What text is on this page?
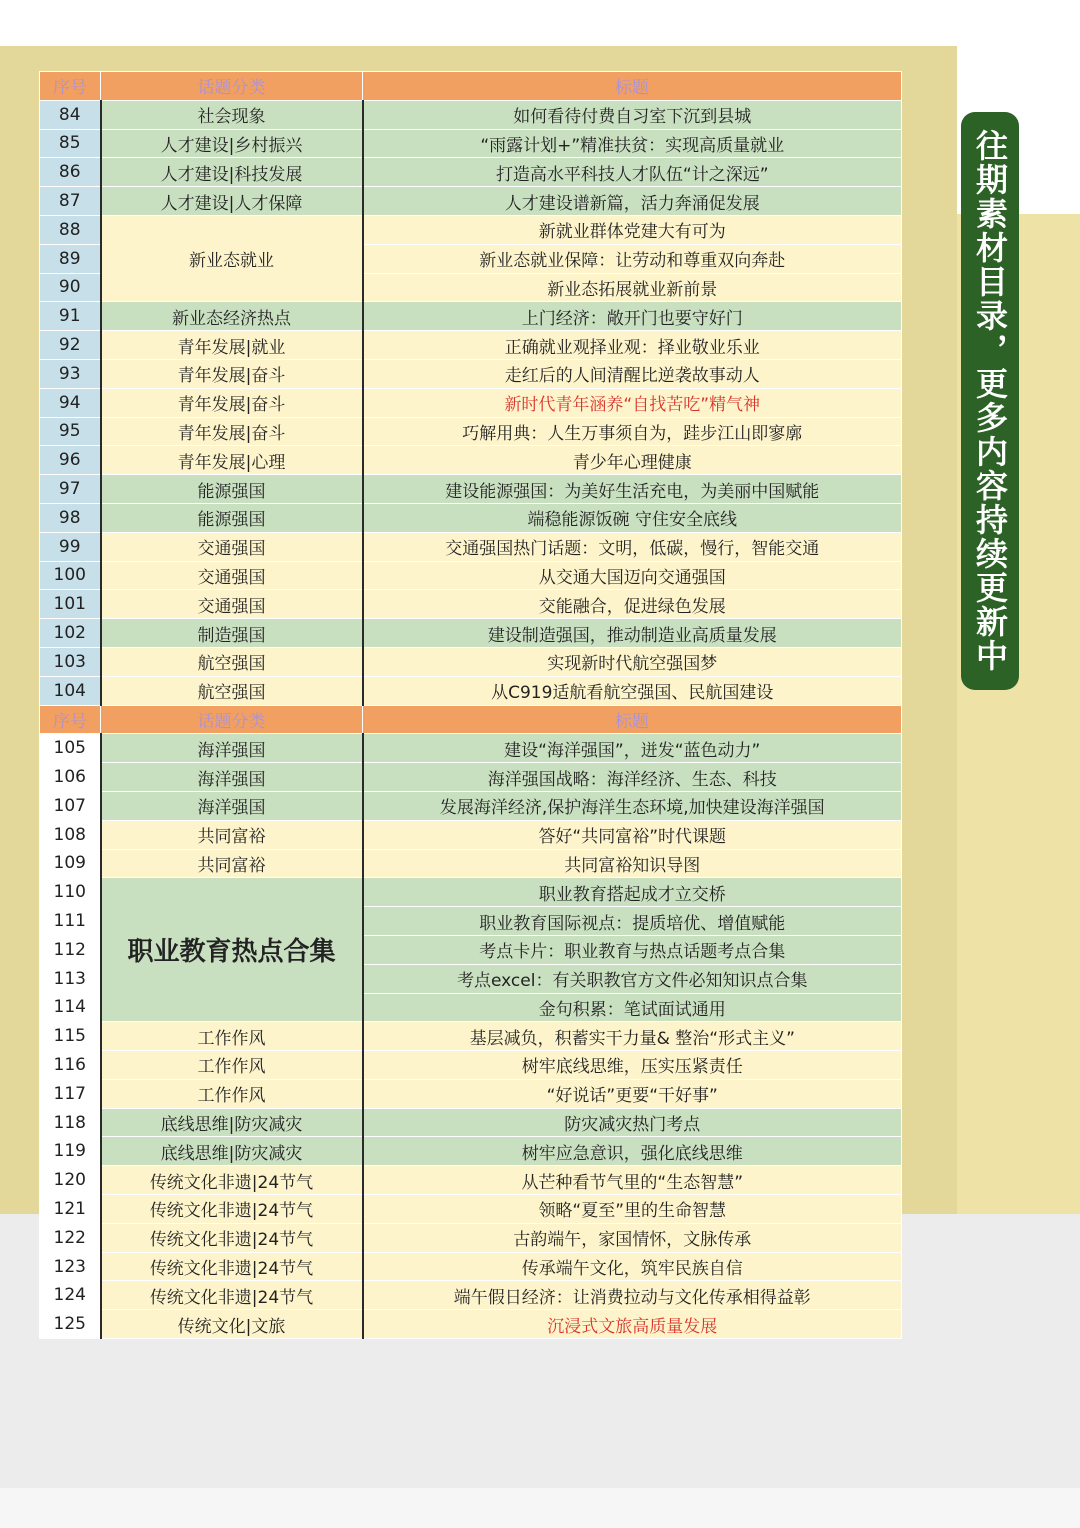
往期素材目录，更多内容持续更新中
序号	话题分类	标题
84	社会现象	如何看待付费自习室下沉到县城
85	人才建设|乡村振兴	“雨露计划+”精准扶贫：实现高质量就业
86	人才建设|科技发展	打造高水平科技人才队伍“计之深远”
87	人才建设|人才保障	人才建设谱新篇，活力奔涌促发展
88	新业态就业	新就业群体党建大有可为
89		新业态就业保障：让劳动和尊重双向奔赴
90		新业态拓展就业新前景
91	新业态经济热点	上门经济：敞开门也要守好门
92	青年发展|就业	正确就业观择业观：择业敬业乐业
93	青年发展|奋斗	走红后的人间清醒比逆袭故事动人
94	青年发展|奋斗	新时代青年涵养“自找苦吃”精气神
95	青年发展|奋斗	巧解用典：人生万事须自为，跬步江山即寥廓
96	青年发展|心理	青少年心理健康
97	能源强国	建设能源强国：为美好生活充电，为美丽中国赋能
98	能源强国	端稳能源饭碗 守住安全底线
99	交通强国	交通强国热门话题：文明，低碳，慢行，智能交通
100	交通强国	从交通大国迈向交通强国
101	交通强国	交能融合，促进绿色发展
102	制造强国	建设制造强国，推动制造业高质量发展
103	航空强国	实现新时代航空强国梦
104	航空强国	从C919适航看航空强国、民航国建设
序号	话题分类	标题
105	海洋强国	建设“海洋强国”，迸发“蓝色动力”
106	海洋强国	海洋强国战略：海洋经济、生态、科技
107	海洋强国	发展海洋经济,保护海洋生态环境,加快建设海洋强国
108	共同富裕	答好“共同富裕”时代课题
109	共同富裕	共同富裕知识导图
110	职业教育热点合集	职业教育搭起成才立交桥
111		职业教育国际视点：提质培优、增值赋能
112		考点卡片：职业教育与热点话题考点合集
113		考点excel：有关职教官方文件必知知识点合集
114		金句积累：笔试面试通用
115	工作作风	基层减负，积蓄实干力量& 整治“形式主义”
116	工作作风	树牢底线思维，压实压紧责任
117	工作作风	“好说话”更要“干好事”
118	底线思维|防灾减灾	防灾减灾热门考点
119	底线思维|防灾减灾	树牢应急意识，强化底线思维
120	传统文化非遗|24节气	从芒种看节气里的“生态智慧”
121	传统文化非遗|24节气	领略“夏至”里的生命智慧
122	传统文化非遗|24节气	古韵端午，家国情怀，文脉传承
123	传统文化非遗|24节气	传承端午文化，筑牢民族自信
124	传统文化非遗|24节气	端午假日经济：让消费拉动与文化传承相得益彰
125	传统文化|文旅	沉浸式文旅高质量发展
